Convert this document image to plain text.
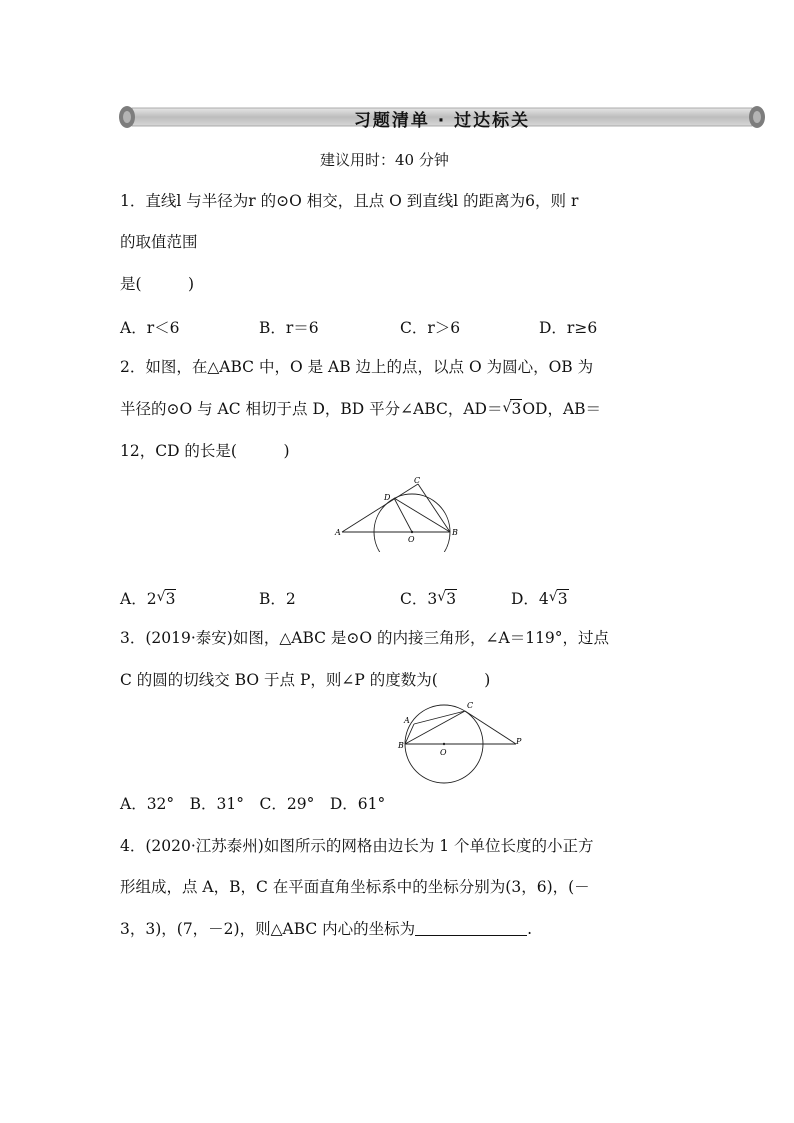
习题清单 · 过达标关
建议用时：40 分钟
1．直线l 与半径为r 的⊙O 相交，且点 O 到直线l 的距离为6，则 r
的取值范围
是(　　　)
A．r＜6	B．r＝6	C．r＞6	D．r≥6
2．如图，在△ABC 中，O 是 AB 边上的点，以点 O 为圆心，OB 为
半径的⊙O 与 AC 相切于点 D，BD 平分∠ABC，AD＝ √ 3OD，AB＝
12，CD 的长是(　　　)
A	B
C
D
O
A．2 √ 3	B．2	C．3 √ 3	D．4 √ 3
3．(2019·泰安)如图，△ABC 是⊙O 的内接三角形，∠A＝119°，过点
C 的圆的切线交 BO 于点 P，则∠P 的度数为(　　　)
A
B
C
O
P
A．32°　B．31°　C．29°　D．61°
4．(2020·江苏泰州)如图所示的网格由边长为 1 个单位长度的小正方
形组成，点 A，B，C 在平面直角坐标系中的坐标分别为(3，6)，(－
3，3)，(7，－2)，则△ABC 内心的坐标为	.
